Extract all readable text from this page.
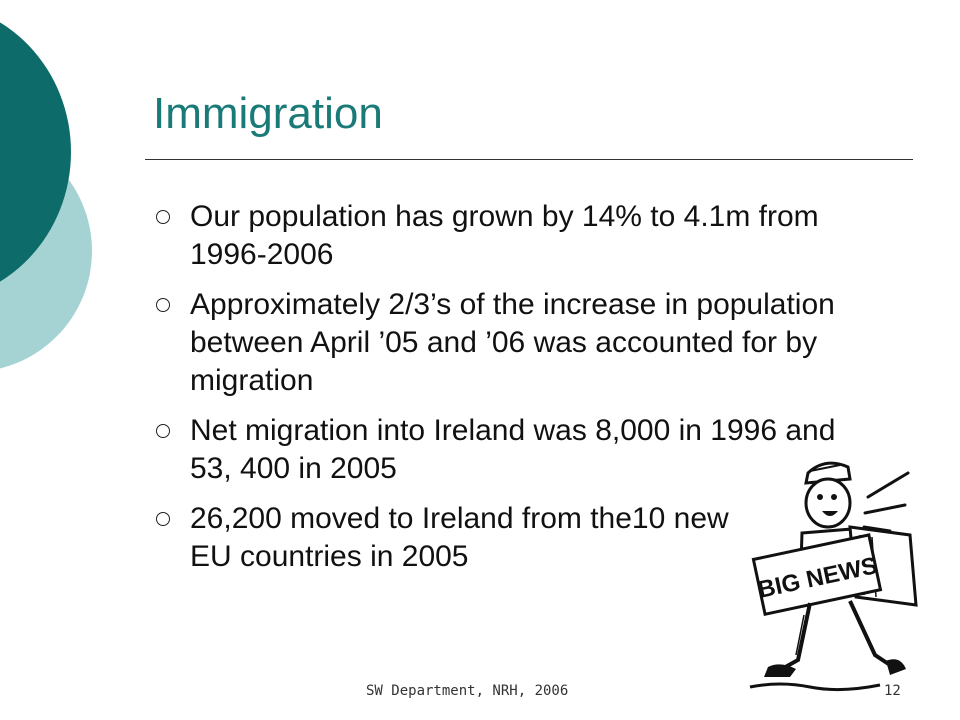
Immigration
Our population has grown by 14% to 4.1m from 1996-2006
Approximately 2/3’s of the increase in population between April ’05 and ’06 was accounted for by migration
Net migration into Ireland was 8,000 in 1996 and 53, 400 in 2005
26,200 moved to Ireland from the10 new EU countries in 2005	BIG NEWS
SW Department, NRH, 2006	12
